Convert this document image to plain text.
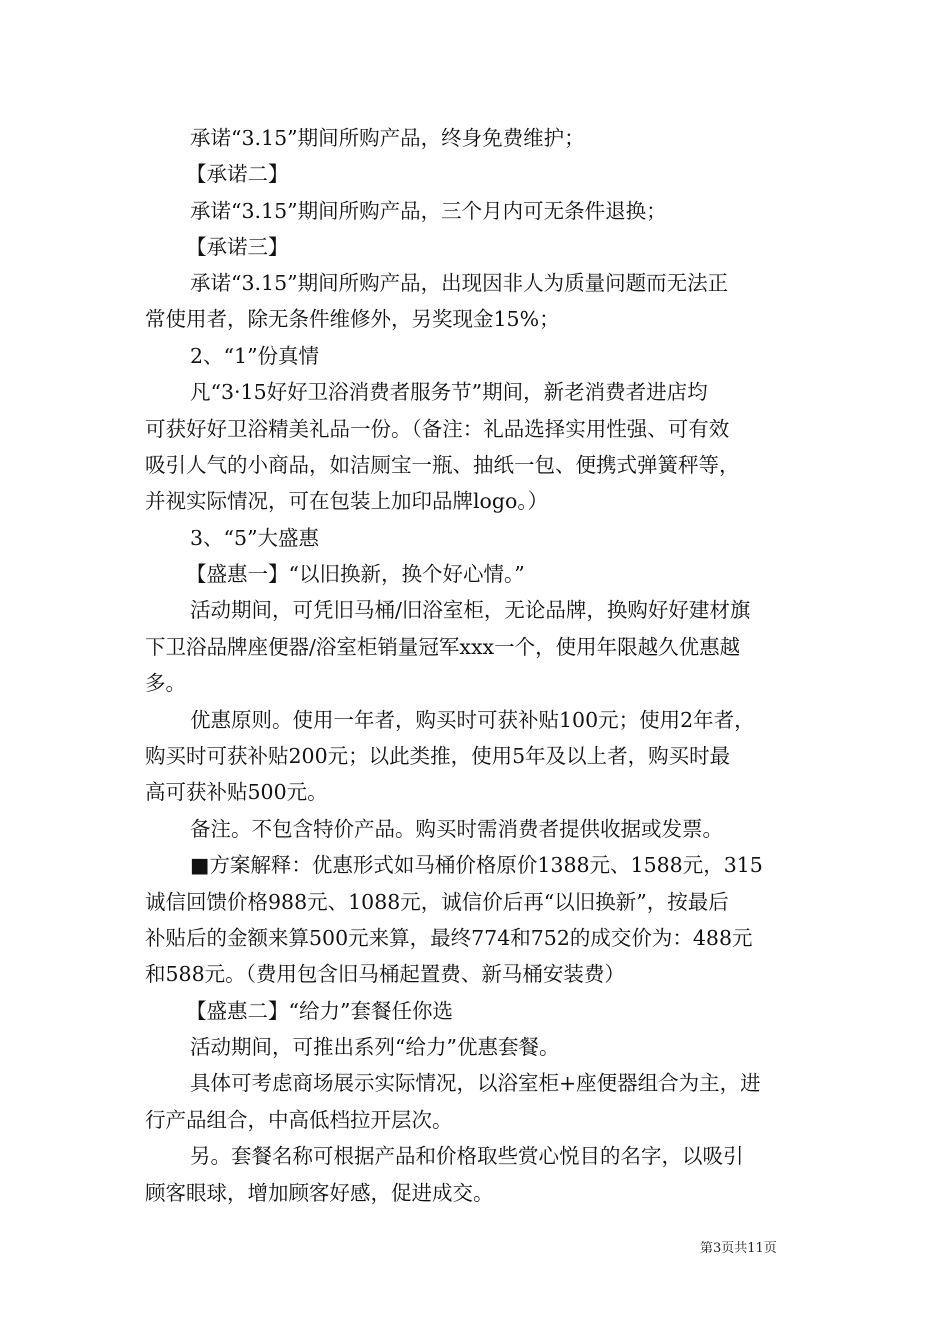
承诺“3.15”期间所购产品，终身免费维护；
【承诺二】
承诺“3.15”期间所购产品，三个月内可无条件退换；
【承诺三】
承诺“3.15”期间所购产品，出现因非人为质量问题而无法正
常使用者，除无条件维修外，另奖现金15%；
2、“1”份真情
凡“3·15好好卫浴消费者服务节”期间，新老消费者进店均
可获好好卫浴精美礼品一份。（备注：礼品选择实用性强、可有效
吸引人气的小商品，如洁厕宝一瓶、抽纸一包、便携式弹簧秤等，
并视实际情况，可在包装上加印品牌logo。）
3、“5”大盛惠
【盛惠一】“以旧换新，换个好心情。”
活动期间，可凭旧马桶/旧浴室柜，无论品牌，换购好好建材旗
下卫浴品牌座便器/浴室柜销量冠军xxx一个，使用年限越久优惠越
多。
优惠原则。使用一年者，购买时可获补贴100元；使用2年者，
购买时可获补贴200元；以此类推，使用5年及以上者，购买时最
高可获补贴500元。
备注。不包含特价产品。购买时需消费者提供收据或发票。
■方案解释：优惠形式如马桶价格原价1388元、1588元，315
诚信回馈价格988元、1088元，诚信价后再“以旧换新”，按最后
补贴后的金额来算500元来算，最终774和752的成交价为：488元
和588元。（费用包含旧马桶起置费、新马桶安装费）
【盛惠二】“给力”套餐任你选
活动期间，可推出系列“给力”优惠套餐。
具体可考虑商场展示实际情况，以浴室柜+座便器组合为主，进
行产品组合，中高低档拉开层次。
另。套餐名称可根据产品和价格取些赏心悦目的名字，以吸引
顾客眼球，增加顾客好感，促进成交。
第3页共11页
